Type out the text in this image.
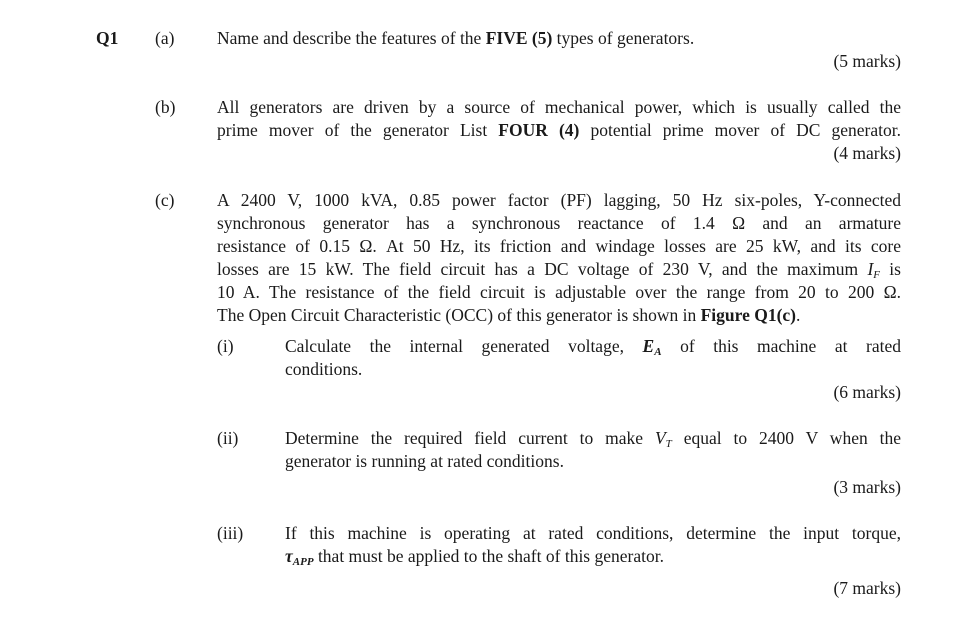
Q1 (a) Name and describe the features of the FIVE (5) types of generators.
(5 marks)
(b) All generators are driven by a source of mechanical power, which is usually called the
prime mover of the generator List FOUR (4) potential prime mover of DC generator.
(4 marks)
(c) A 2400 V, 1000 kVA, 0.85 power factor (PF) lagging, 50 Hz six-poles, Y-connected
synchronous generator has a synchronous reactance of 1.4 Ω and an armature
resistance of 0.15 Ω. At 50 Hz, its friction and windage losses are 25 kW, and its core
losses are 15 kW. The field circuit has a DC voltage of 230 V, and the maximum $I_F$ is
10 A. The resistance of the field circuit is adjustable over the range from 20 to 200 Ω.
The Open Circuit Characteristic (OCC) of this generator is shown in Figure Q1(c).
(i)	Calculate the internal generated voltage, EA of this machine at rated
conditions.
(6 marks)
(ii)	Determine the required field current to make $V_T$ equal to 2400 V when the
generator is running at rated conditions.
(3 marks)
(iii) If this machine is operating at rated conditions, determine the input torque,
τAPP that must be applied to the shaft of this generator.
(7 marks)
